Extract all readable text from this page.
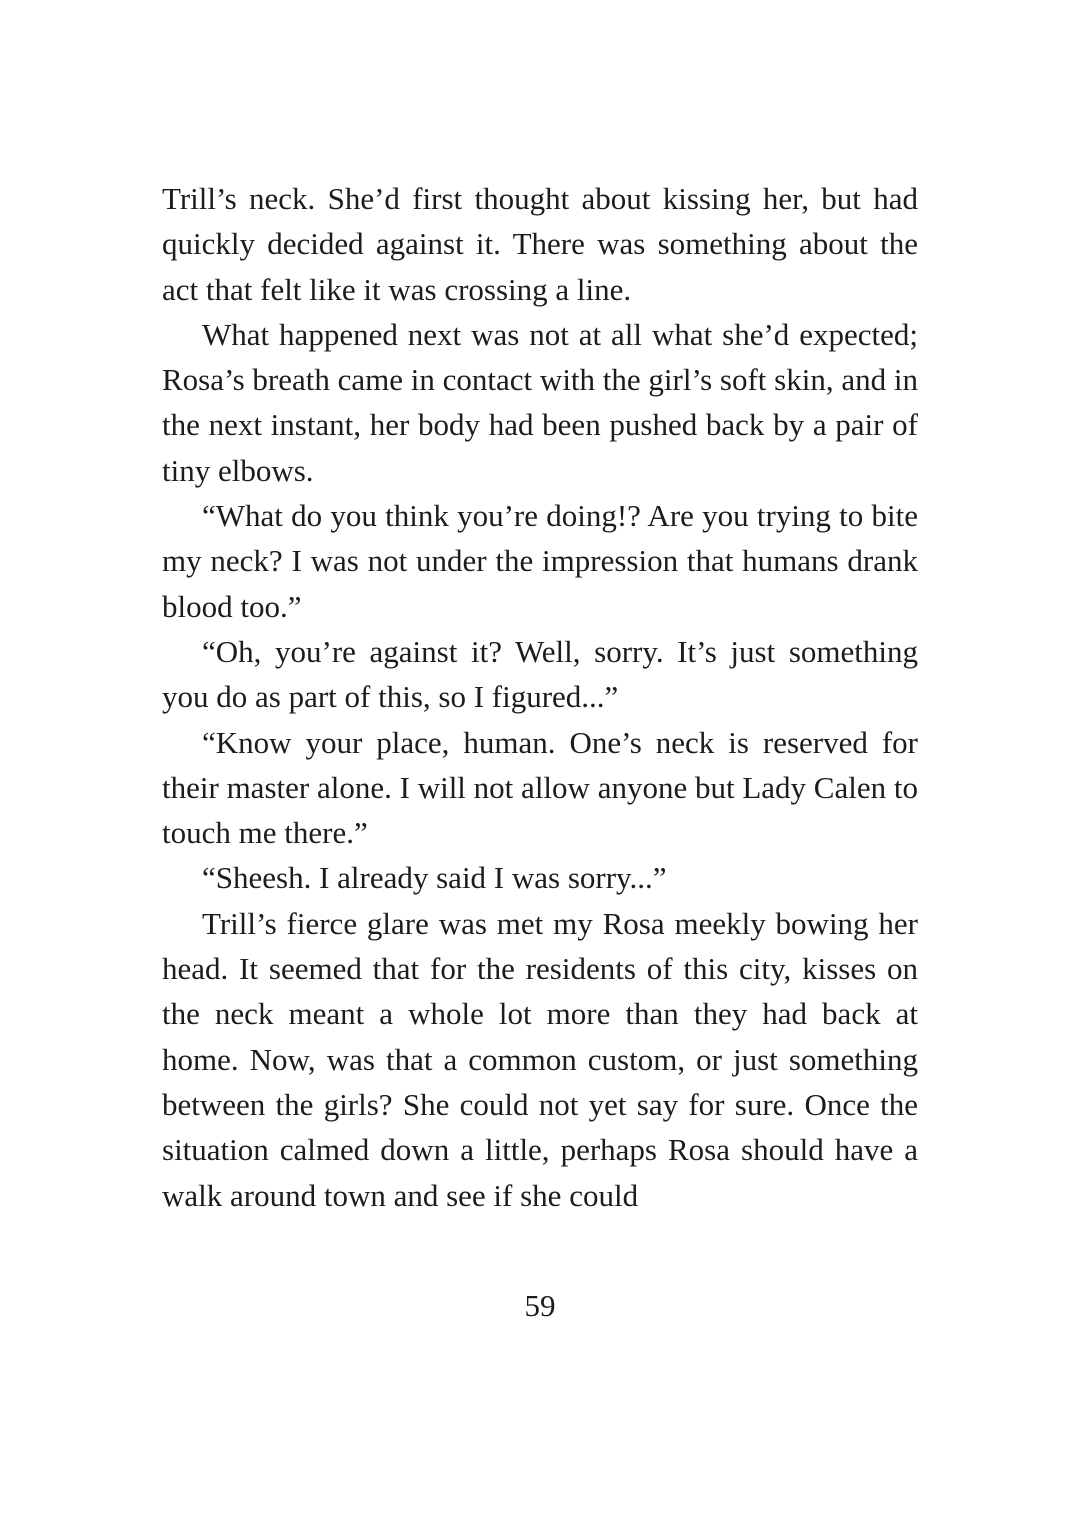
Trill’s neck. She’d first thought about kissing her, but had quickly decided against it. There was something about the act that felt like it was crossing a line.

What happened next was not at all what she’d expected; Rosa’s breath came in contact with the girl’s soft skin, and in the next instant, her body had been pushed back by a pair of tiny elbows.

“What do you think you’re doing!? Are you trying to bite my neck? I was not under the impression that humans drank blood too.”

“Oh, you’re against it? Well, sorry. It’s just something you do as part of this, so I figured...”

“Know your place, human. One’s neck is reserved for their master alone. I will not allow anyone but Lady Calen to touch me there.”

“Sheesh. I already said I was sorry...”

Trill’s fierce glare was met my Rosa meekly bowing her head. It seemed that for the residents of this city, kisses on the neck meant a whole lot more than they had back at home. Now, was that a common custom, or just something between the girls? She could not yet say for sure. Once the situation calmed down a little, perhaps Rosa should have a walk around town and see if she could

59
